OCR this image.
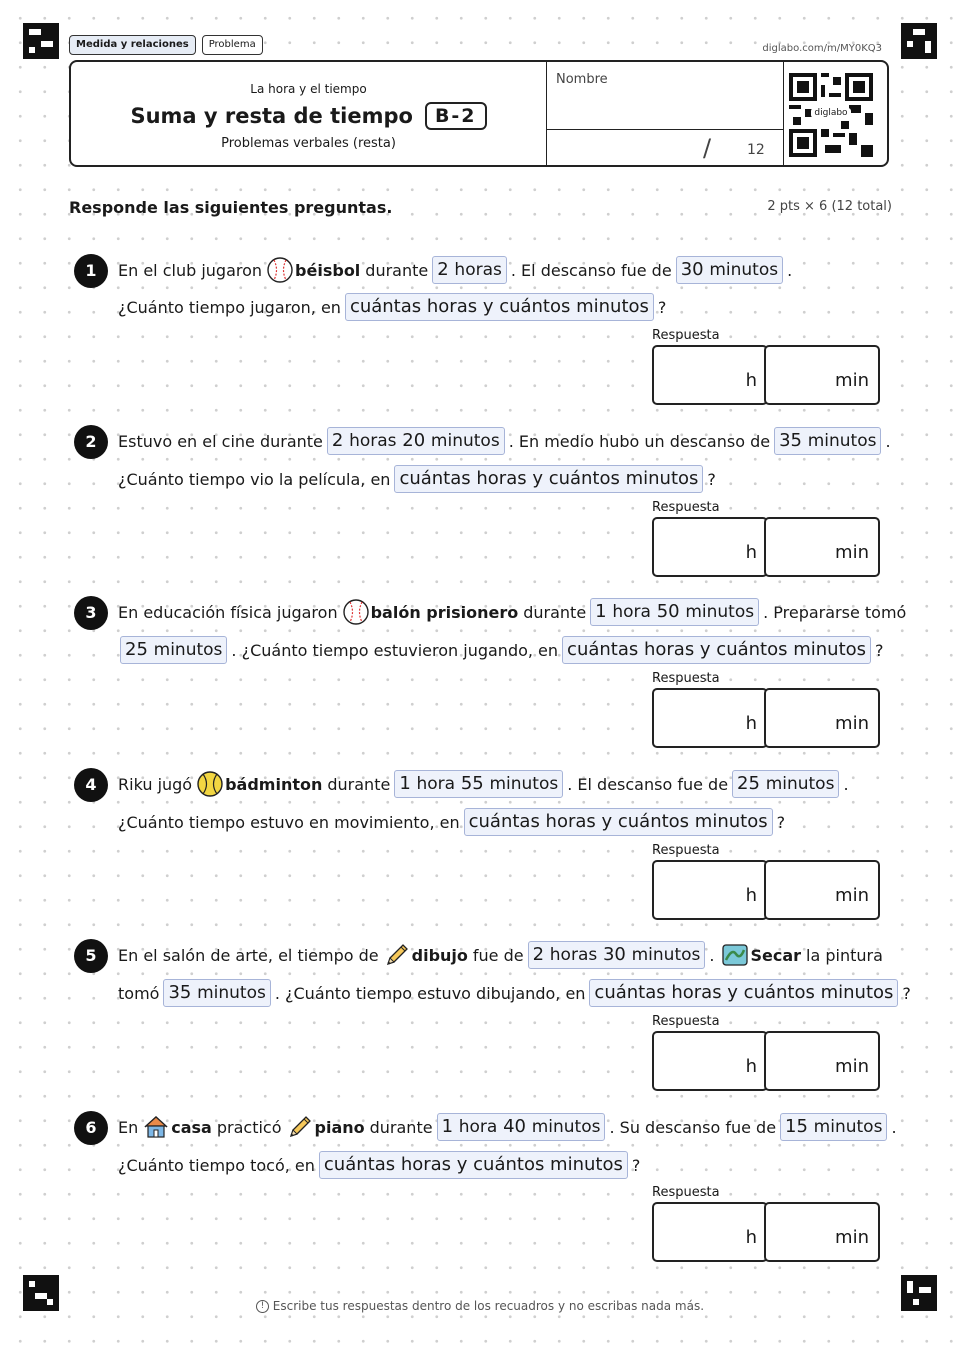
Medida y relaciones	Problema	diglabo.com/m/MY0KQ3
La hora y el tiempo
Suma y resta de tiempo	B-2
Problemas verbales (resta)
Nombre
/	12
diglabo
Responde las siguientes preguntas.	2 pts × 6 (12 total)
1	En el club jugaron béisbol durante 2 horas . El descanso fue de 30 minutos .
¿Cuánto tiempo jugaron, en cuántas horas y cuántos minutos ?
Respuesta
h	min
2	Estuvo en el cine durante 2 horas 20 minutos . En medio hubo un descanso de 35 minutos .
¿Cuánto tiempo vio la película, en cuántas horas y cuántos minutos ?
Respuesta
h	min
3	En educación física jugaron balón prisionero durante 1 hora 50 minutos . Prepararse tomó
25 minutos . ¿Cuánto tiempo estuvieron jugando, en cuántas horas y cuántos minutos ?
Respuesta
h	min
4	Riku jugó bádminton durante 1 hora 55 minutos . El descanso fue de 25 minutos .
¿Cuánto tiempo estuvo en movimiento, en cuántas horas y cuántos minutos ?
Respuesta
h	min
5	En el salón de arte, el tiempo de dibujo fue de 2 horas 30 minutos . Secar la pintura
tomó 35 minutos . ¿Cuánto tiempo estuvo dibujando, en cuántas horas y cuántos minutos ?
Respuesta
h	min
6	En casa practicó piano durante 1 hora 40 minutos . Su descanso fue de 15 minutos .
¿Cuánto tiempo tocó, en cuántas horas y cuántos minutos ?
Respuesta
h	min
! Escribe tus respuestas dentro de los recuadros y no escribas nada más.
